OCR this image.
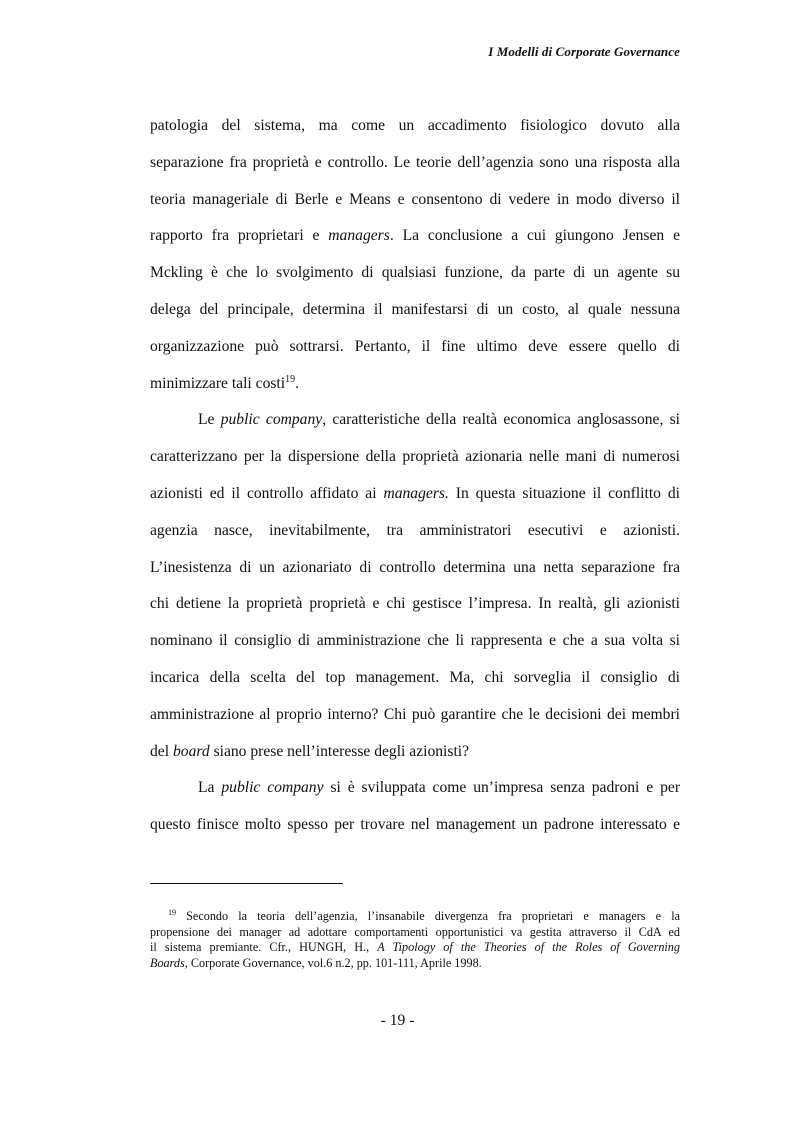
I Modelli di Corporate Governance
patologia del sistema, ma come un accadimento fisiologico dovuto alla
separazione fra proprietà e controllo. Le teorie dell’agenzia sono una risposta alla
teoria manageriale di Berle e Means e consentono di vedere in modo diverso il
rapporto fra proprietari e managers. La conclusione a cui giungono Jensen e
Mckling è che lo svolgimento di qualsiasi funzione, da parte di un agente su
delega del principale, determina il manifestarsi di un costo, al quale nessuna
organizzazione può sottrarsi. Pertanto, il fine ultimo deve essere quello di
minimizzare tali costi$^{19}$.
Le public company, caratteristiche della realtà economica anglosassone, si
caratterizzano per la dispersione della proprietà azionaria nelle mani di numerosi
azionisti ed il controllo affidato ai managers. In questa situazione il conflitto di
agenzia nasce, inevitabilmente, tra amministratori esecutivi e azionisti.
L’inesistenza di un azionariato di controllo determina una netta separazione fra
chi detiene la proprietà proprietà e chi gestisce l’impresa. In realtà, gli azionisti
nominano il consiglio di amministrazione che li rappresenta e che a sua volta si
incarica della scelta del top management. Ma, chi sorveglia il consiglio di
amministrazione al proprio interno? Chi può garantire che le decisioni dei membri
del board siano prese nell’interesse degli azionisti?
La public company si è sviluppata come un’impresa senza padroni e per
questo finisce molto spesso per trovare nel management un padrone interessato e
$^{19}$ Secondo la teoria dell’agenzia, l’insanabile divergenza fra proprietari e managers e la
propensione dei manager ad adottare comportamenti opportunistici va gestita attraverso il CdA ed
il sistema premiante. Cfr., HUNGH, H., A Tipology of the Theories of the Roles of Governing
Boards, Corporate Governance, vol.6 n.2, pp. 101-111, Aprile 1998.
- 19 -
